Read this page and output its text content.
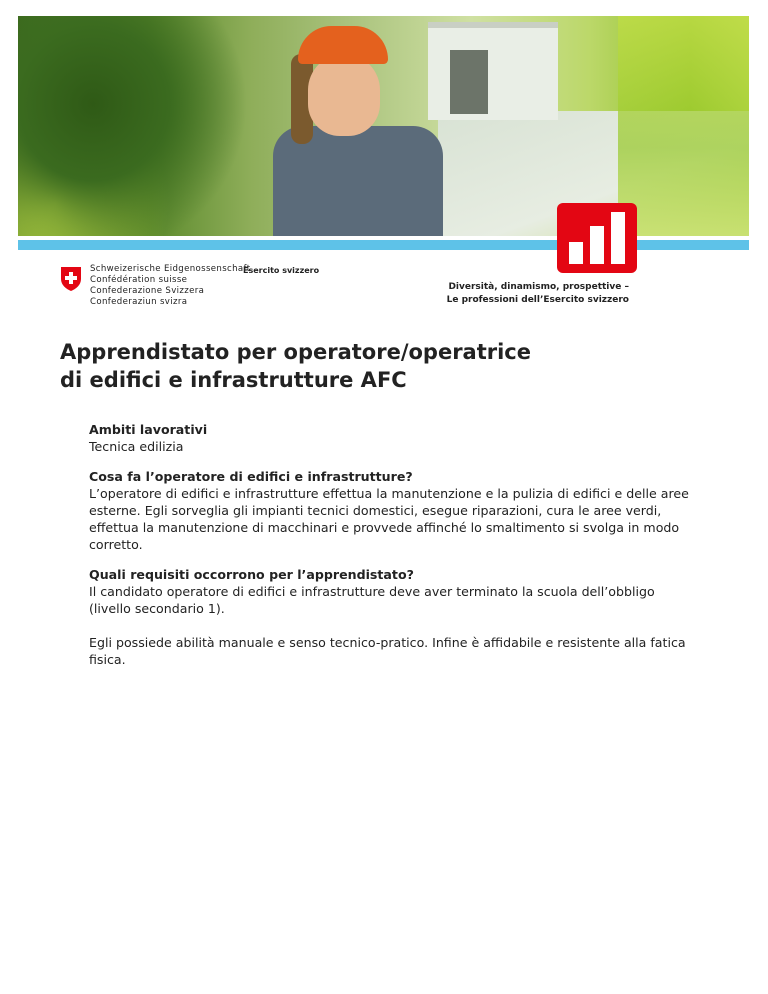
Schweizerische Eidgenossenschaft
Confédération suisse
Confederazione Svizzera
Confederaziun svizra
Esercito svizzero
Diversità, dinamismo, prospettive –
Le professioni dell’Esercito svizzero
Apprendistato per operatore/operatrice
di edifici e infrastrutture AFC
Ambiti lavorativi

Tecnica edilizia

Cosa fa l’operatore di edifici e infrastrutture?

L’operatore di edifici e infrastrutture effettua la manutenzione e la pulizia di edifici e delle aree esterne. Egli sorveglia gli impianti tecnici domestici, esegue riparazioni, cura le aree verdi, effettua la manutenzione di macchinari e provvede affinché lo smaltimento si svolga in modo corretto.

Quali requisiti occorrono per l’apprendistato?

Il candidato operatore di edifici e infrastrutture deve aver terminato la scuola dell’obbligo (livello secondario 1).

Egli possiede abilità manuale e senso tecnico-pratico. Infine è affidabile e resistente alla fatica fisica.
